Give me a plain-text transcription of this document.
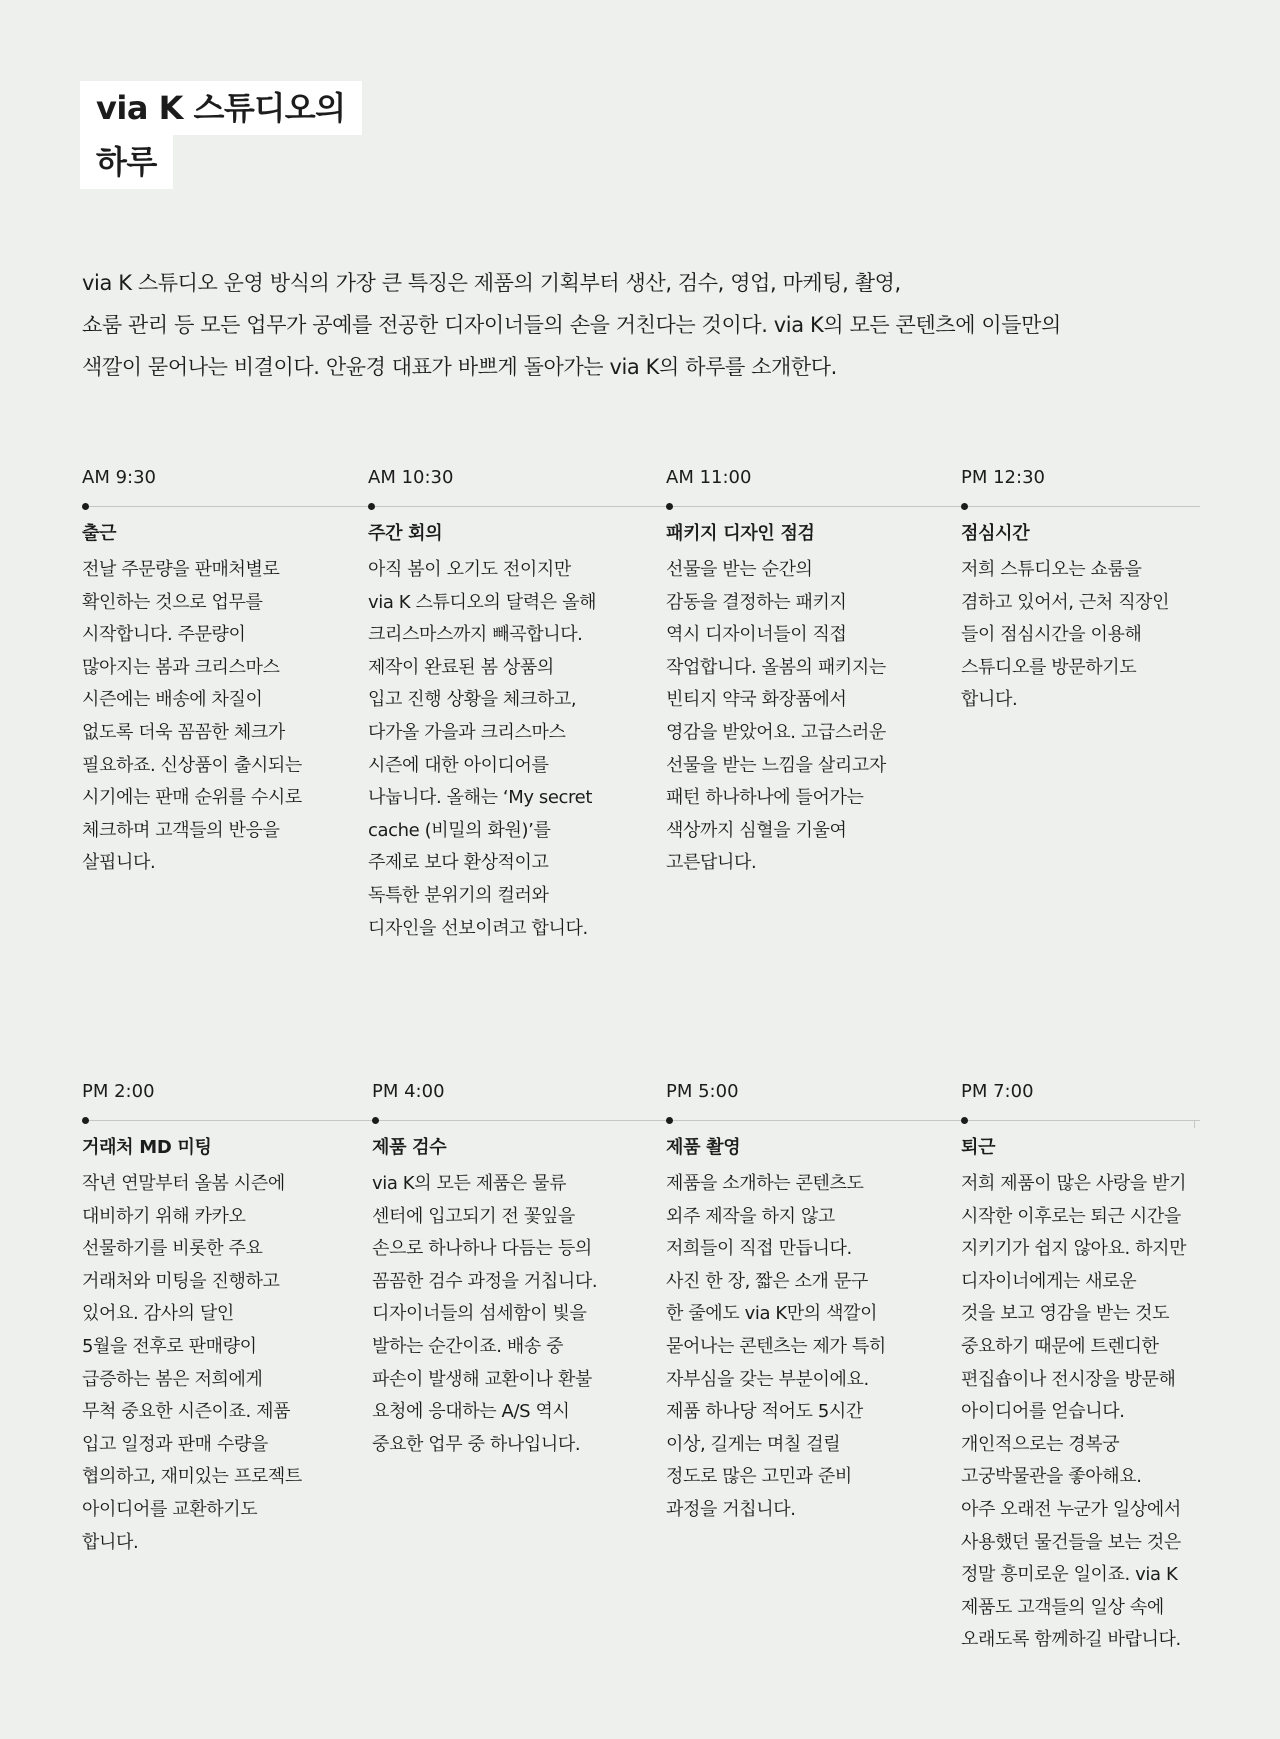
via K 스튜디오의
하루

via K 스튜디오 운영 방식의 가장 큰 특징은 제품의 기획부터 생산, 검수, 영업, 마케팅, 촬영,

쇼룸 관리 등 모든 업무가 공예를 전공한 디자이너들의 손을 거친다는 것이다. via K의 모든 콘텐츠에 이들만의

색깔이 묻어나는 비결이다. 안윤경 대표가 바쁘게 돌아가는 via K의 하루를 소개한다.

AM 9:30
출근
전날 주문량을 판매처별로
확인하는 것으로 업무를
시작합니다. 주문량이
많아지는 봄과 크리스마스
시즌에는 배송에 차질이
없도록 더욱 꼼꼼한 체크가
필요하죠. 신상품이 출시되는
시기에는 판매 순위를 수시로
체크하며 고객들의 반응을
살핍니다.
AM 10:30
주간 회의
아직 봄이 오기도 전이지만
via K 스튜디오의 달력은 올해
크리스마스까지 빼곡합니다.
제작이 완료된 봄 상품의
입고 진행 상황을 체크하고,
다가올 가을과 크리스마스
시즌에 대한 아이디어를
나눕니다. 올해는 ‘My secret
cache (비밀의 화원)’를
주제로 보다 환상적이고
독특한 분위기의 컬러와
디자인을 선보이려고 합니다.
AM 11:00
패키지 디자인 점검
선물을 받는 순간의
감동을 결정하는 패키지
역시 디자이너들이 직접
작업합니다. 올봄의 패키지는
빈티지 약국 화장품에서
영감을 받았어요. 고급스러운
선물을 받는 느낌을 살리고자
패턴 하나하나에 들어가는
색상까지 심혈을 기울여
고른답니다.
PM 12:30
점심시간
저희 스튜디오는 쇼룸을
겸하고 있어서, 근처 직장인
들이 점심시간을 이용해
스튜디오를 방문하기도
합니다.
PM 2:00
거래처 MD 미팅
작년 연말부터 올봄 시즌에
대비하기 위해 카카오
선물하기를 비롯한 주요
거래처와 미팅을 진행하고
있어요. 감사의 달인
5월을 전후로 판매량이
급증하는 봄은 저희에게
무척 중요한 시즌이죠. 제품
입고 일정과 판매 수량을
협의하고, 재미있는 프로젝트
아이디어를 교환하기도
합니다.
PM 4:00
제품 검수
via K의 모든 제품은 물류
센터에 입고되기 전 꽃잎을
손으로 하나하나 다듬는 등의
꼼꼼한 검수 과정을 거칩니다.
디자이너들의 섬세함이 빛을
발하는 순간이죠. 배송 중
파손이 발생해 교환이나 환불
요청에 응대하는 A/S 역시
중요한 업무 중 하나입니다.
PM 5:00
제품 촬영
제품을 소개하는 콘텐츠도
외주 제작을 하지 않고
저희들이 직접 만듭니다.
사진 한 장, 짧은 소개 문구
한 줄에도 via K만의 색깔이
묻어나는 콘텐츠는 제가 특히
자부심을 갖는 부분이에요.
제품 하나당 적어도 5시간
이상, 길게는 며칠 걸릴
정도로 많은 고민과 준비
과정을 거칩니다.
PM 7:00
퇴근
저희 제품이 많은 사랑을 받기
시작한 이후로는 퇴근 시간을
지키기가 쉽지 않아요. 하지만
디자이너에게는 새로운
것을 보고 영감을 받는 것도
중요하기 때문에 트렌디한
편집숍이나 전시장을 방문해
아이디어를 얻습니다.
개인적으로는 경복궁
고궁박물관을 좋아해요.
아주 오래전 누군가 일상에서
사용했던 물건들을 보는 것은
정말 흥미로운 일이죠. via K
제품도 고객들의 일상 속에
오래도록 함께하길 바랍니다.
